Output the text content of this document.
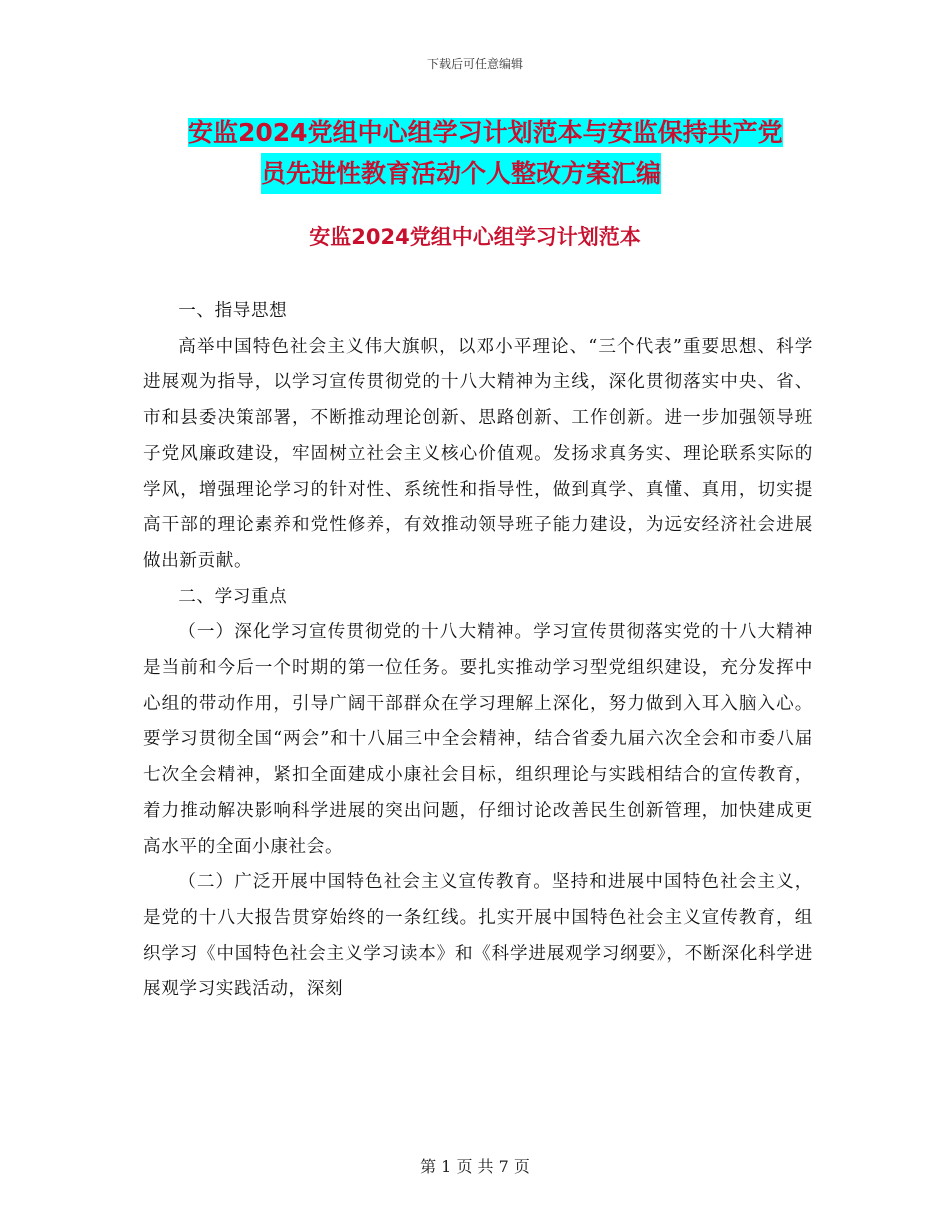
下载后可任意编辑
安监2024党组中心组学习计划范本与安监保持共产党
员先进性教育活动个人整改方案汇编
安监2024党组中心组学习计划范本

一、指导思想

高举中国特色社会主义伟大旗帜，以邓小平理论、“三个代表”重要思想、科学进展观为指导，以学习宣传贯彻党的十八大精神为主线，深化贯彻落实中央、省、市和县委决策部署，不断推动理论创新、思路创新、工作创新。进一步加强领导班子党风廉政建设，牢固树立社会主义核心价值观。发扬求真务实、理论联系实际的学风，增强理论学习的针对性、系统性和指导性，做到真学、真懂、真用，切实提高干部的理论素养和党性修养，有效推动领导班子能力建设，为远安经济社会进展做出新贡献。

二、学习重点

（一）深化学习宣传贯彻党的十八大精神。学习宣传贯彻落实党的十八大精神是当前和今后一个时期的第一位任务。要扎实推动学习型党组织建设，充分发挥中心组的带动作用，引导广阔干部群众在学习理解上深化，努力做到入耳入脑入心。要学习贯彻全国“两会”和十八届三中全会精神，结合省委九届六次全会和市委八届七次全会精神，紧扣全面建成小康社会目标，组织理论与实践相结合的宣传教育，着力推动解决影响科学进展的突出问题，仔细讨论改善民生创新管理，加快建成更高水平的全面小康社会。

（二）广泛开展中国特色社会主义宣传教育。坚持和进展中国特色社会主义，是党的十八大报告贯穿始终的一条红线。扎实开展中国特色社会主义宣传教育，组织学习《中国特色社会主义学习读本》和《科学进展观学习纲要》，不断深化科学进展观学习实践活动，深刻

第 1 页 共 7 页
